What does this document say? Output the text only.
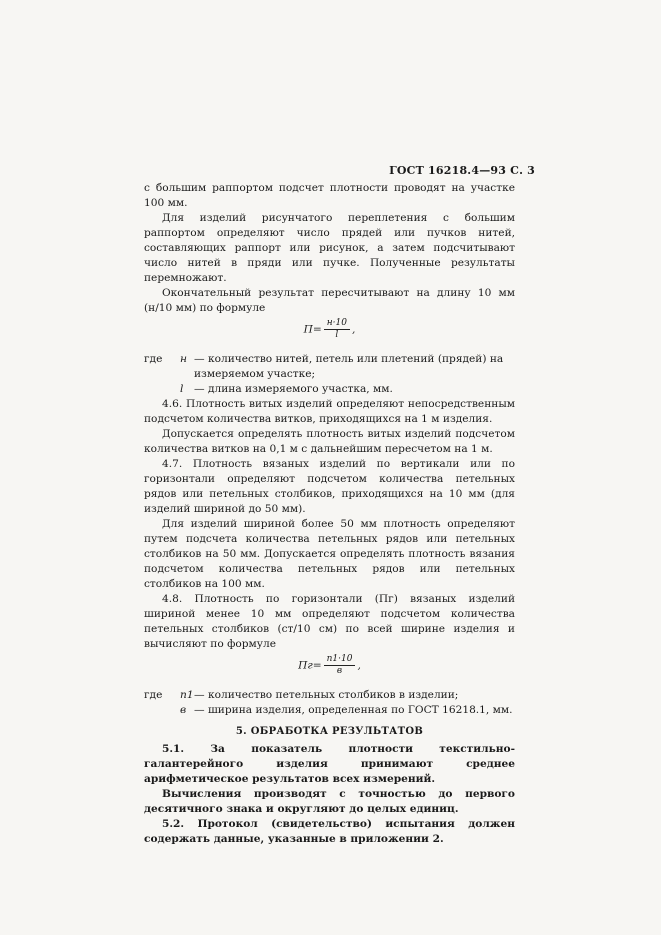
ГОСТ 16218.4—93 С. 3

с большим раппортом подсчет плотности проводят на участке 100 мм.

Для изделий рисунчатого переплетения с большим раппортом определяют число прядей или пучков нитей, составляющих раппорт или рисунок, а затем подсчитывают число нитей в пряди или пучке. Полученные результаты перемножают.

Окончательный результат пересчитывают на длину 10 мм (н/10 мм) по формуле

$П= \frac{н\cdot 10}{l}$ ,
где	н — количество нитей, петель или плетений (прядей) на измеряемом участке;
l	— длина измеряемого участка, мм.

4.6. Плотность витых изделий определяют непосредственным подсчетом количества витков, приходящихся на 1 м изделия.

Допускается определять плотность витых изделий подсчетом количества витков на 0,1 м с дальнейшим пересчетом на 1 м.

4.7. Плотность вязаных изделий по вертикали или по горизонтали определяют подсчетом количества петельных рядов или петельных столбиков, приходящихся на 10 мм (для изделий шириной до 50 мм).

Для изделий шириной более 50 мм плотность определяют путем подсчета количества петельных рядов или петельных столбиков на 50 мм. Допускается определять плотность вязания подсчетом количества петельных рядов или петельных столбиков на 100 мм.

4.8. Плотность по горизонтали (Пг) вязаных изделий шириной менее 10 мм определяют подсчетом количества петельных столбиков (ст/10 см) по всей ширине изделия и вычисляют по формуле

$Пг= \frac{n1\cdot 10}{в}$ ,
где	n1 — количество петельных столбиков в изделии;
в — ширина изделия, определенная по ГОСТ 16218.1, мм.
5. ОБРАБОТКА РЕЗУЛЬТАТОВ

5.1. За показатель плотности текстильно-галантерейного изделия принимают среднее арифметическое результатов всех измерений.

Вычисления производят с точностью до первого десятичного знака и округляют до целых единиц.

5.2. Протокол (свидетельство) испытания должен содержать данные, указанные в приложении 2.
